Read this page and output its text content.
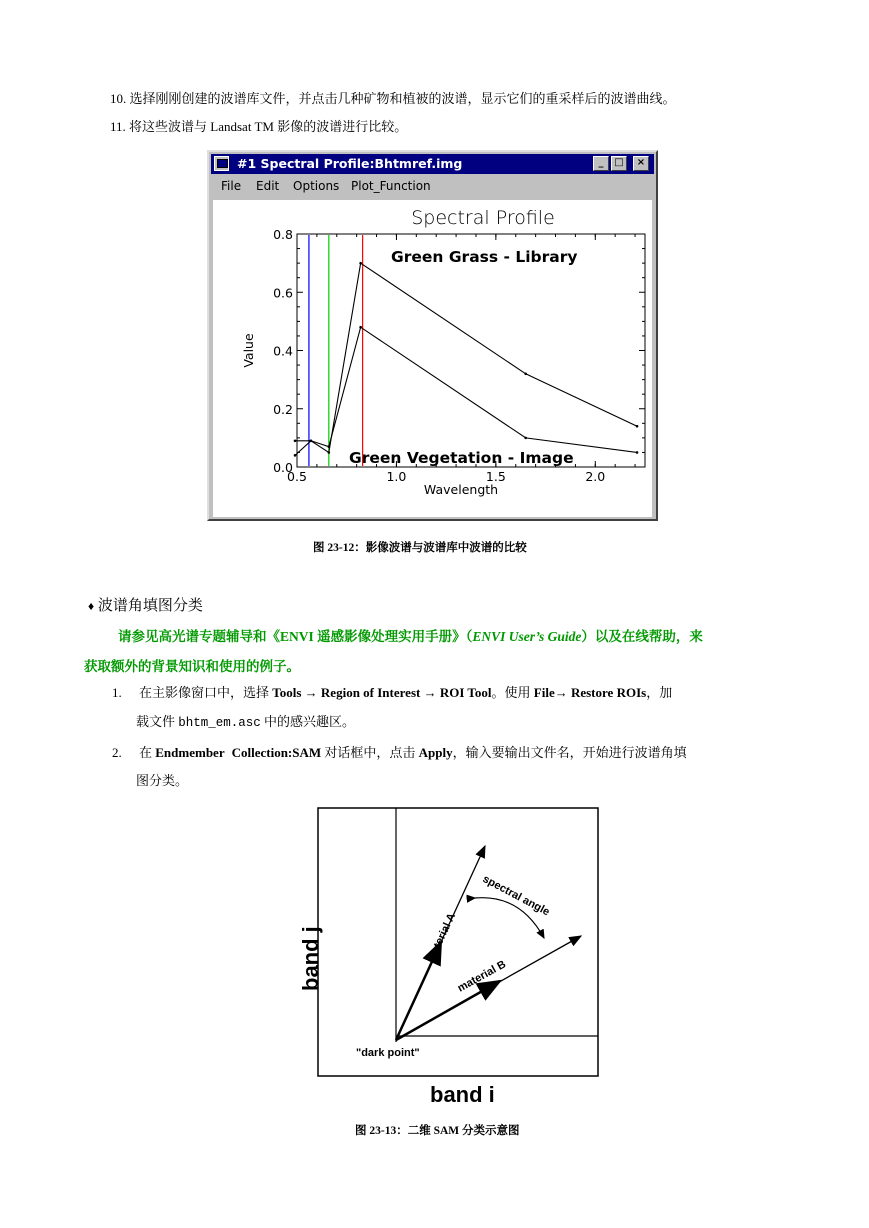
10. 选择刚刚创建的波谱库文件，并点击几种矿物和植被的波谱，显示它们的重采样后的波谱曲线。
11. 将这些波谱与 Landsat TM 影像的波谱进行比较。
#1 Spectral Profile:Bhtmref.img	_	□	×
File Edit Options Plot_Function
Spectral Profile
0.0
0.2
0.4
0.6
0.8
0.5	1.0	1.5	2.0
Wavelength
Value
Green Grass - Library
Green Vegetation - Image
图 23-12：影像波谱与波谱库中波谱的比较
♦ 波谱角填图分类
请参见高光谱专题辅导和《ENVI 遥感影像处理实用手册》（ENVI User’s Guide）以及在线帮助，来
获取额外的背景知识和使用的例子。
1. 在主影像窗口中，选择 Tools → Region of Interest → ROI Tool。使用 File→ Restore ROIs，加
载文件 bhtm_em.asc 中的感兴趣区。
2. 在 Endmember Collection:SAM 对话框中，点击 Apply，输入要输出文件名，开始进行波谱角填
图分类。
material A
material B
spectral angle
"dark point"
band i
band j
图 23-13：二维 SAM 分类示意图
